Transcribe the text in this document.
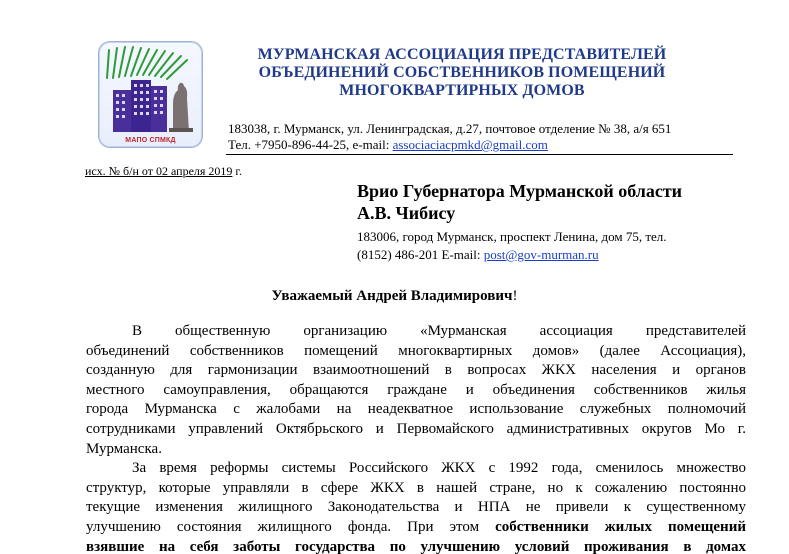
МАПО СПМКД
МУРМАНСКАЯ АССОЦИАЦИЯ ПРЕДСТАВИТЕЛЕЙ
ОБЪЕДИНЕНИЙ СОБСТВЕННИКОВ ПОМЕЩЕНИЙ
МНОГОКВАРТИРНЫХ ДОМОВ
183038, г. Мурманск, ул. Ленинградская, д.27, почтовое отделение № 38, а/я 651
Тел. +7950-896-44-25, e-mail: associaciacpmkd@gmail.com
исх. № б/н от 02 апреля 2019 г.
Врио Губернатора Мурманской области
А.В. Чибису
183006, город Мурманск, проспект Ленина, дом 75, тел.
(8152) 486-201 E-mail: post@gov-murman.ru
Уважаемый Андрей Владимирович!
В общественную организацию «Мурманская ассоциация представителей
объединений собственников помещений многоквартирных домов» (далее Ассоциация),
созданную для гармонизации взаимоотношений в вопросах ЖКХ населения и органов
местного самоуправления, обращаются граждане и объединения собственников жилья
города Мурманска с жалобами на неадекватное использование служебных полномочий
сотрудниками управлений Октябрьского и Первомайского административных округов Мо г.
Мурманска.
За время реформы системы Российского ЖКХ с 1992 года, сменилось множество
структур, которые управляли в сфере ЖКХ в нашей стране, но к сожалению постоянно
текущие изменения жилищного Законодательства и НПА не привели к существенному
улучшению состояния жилищного фонда. При этом собственники жилых помещений
взявшие на себя заботы государства по улучшению условий проживания в домах
